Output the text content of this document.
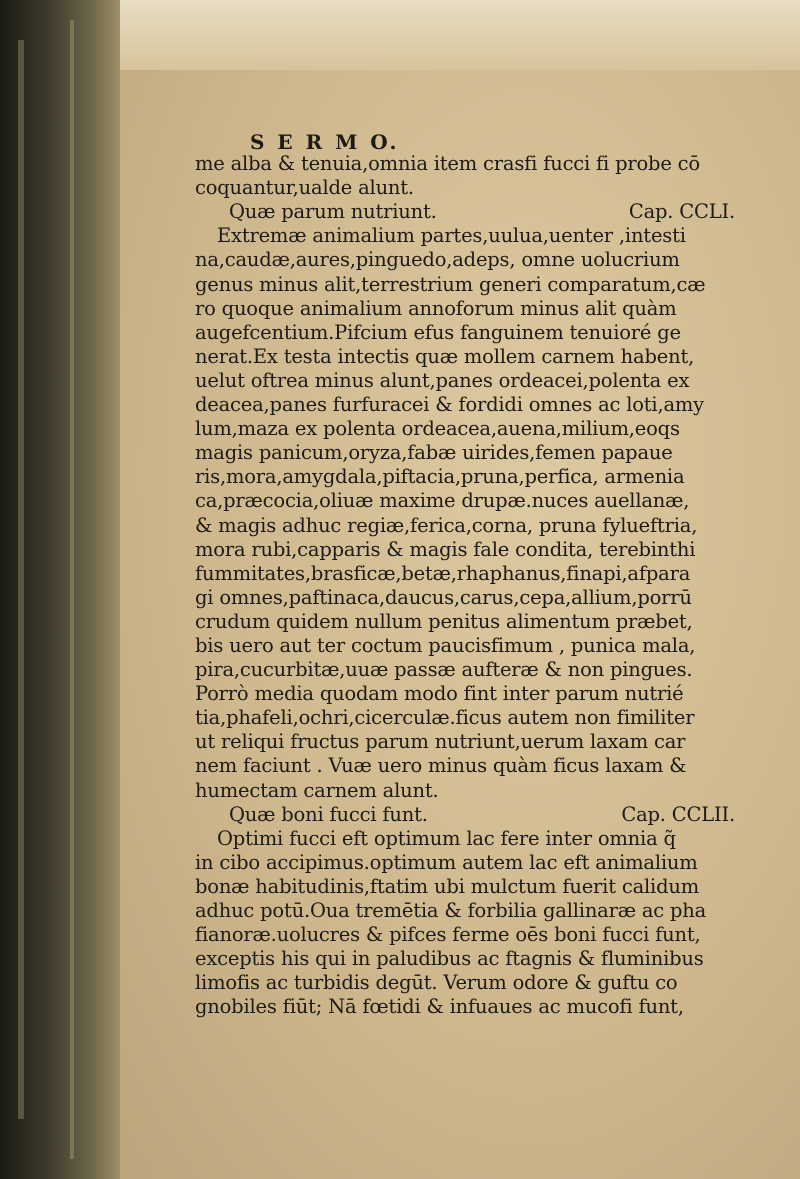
S E R M O.
me alba & tenuia,omnia item crasfi fucci fi probe cō
coquantur,ualde alunt.
Quæ parum nutriunt.	Cap. CCLI.
Extremæ animalium partes,uulua,uenter ,intesti
na,caudæ,aures,pinguedo,adeps, omne uolucrium
genus minus alit,terrestrium generi comparatum,cæ
ro quoque animalium annoforum minus alit quàm
augefcentium.Pifcium efus fanguinem tenuioré ge
nerat.Ex testa intectis quæ mollem carnem habent,
uelut oftrea minus alunt,panes ordeacei,polenta ex
deacea,panes furfuracei & fordidi omnes ac loti,amy
lum,maza ex polenta ordeacea,auena,milium,eoqs
magis panicum,oryza,fabæ uirides,femen papaue
ris,mora,amygdala,piftacia,pruna,perfica, armenia
ca,præcocia,oliuæ maxime drupæ.nuces auellanæ,
& magis adhuc regiæ,ferica,corna, pruna fylueftria,
mora rubi,capparis & magis fale condita, terebinthi
fummitates,brasficæ,betæ,rhaphanus,finapi,afpara
gi omnes,paftinaca,daucus,carus,cepa,allium,porrū
crudum quidem nullum penitus alimentum præbet,
bis uero aut ter coctum paucisfimum , punica mala,
pira,cucurbitæ,uuæ passæ aufteræ & non pingues.
Porrò media quodam modo fint inter parum nutrié
tia,phafeli,ochri,cicerculæ.ficus autem non fimiliter
ut reliqui fructus parum nutriunt,uerum laxam car
nem faciunt . Vuæ uero minus quàm ficus laxam &
humectam carnem alunt.
Quæ boni fucci funt.	Cap. CCLII.
Optimi fucci eft optimum lac fere inter omnia q̃
in cibo accipimus.optimum autem lac eft animalium
bonæ habitudinis,ftatim ubi mulctum fuerit calidum
adhuc potū.Oua tremētia & forbilia gallinaræ ac pha
fianoræ.uolucres & pifces ferme oēs boni fucci funt,
exceptis his qui in paludibus ac ftagnis & fluminibus
limofis ac turbidis degūt. Verum odore & guftu co
gnobiles fiūt; Nā fœtidi & infuaues ac mucofi funt,
